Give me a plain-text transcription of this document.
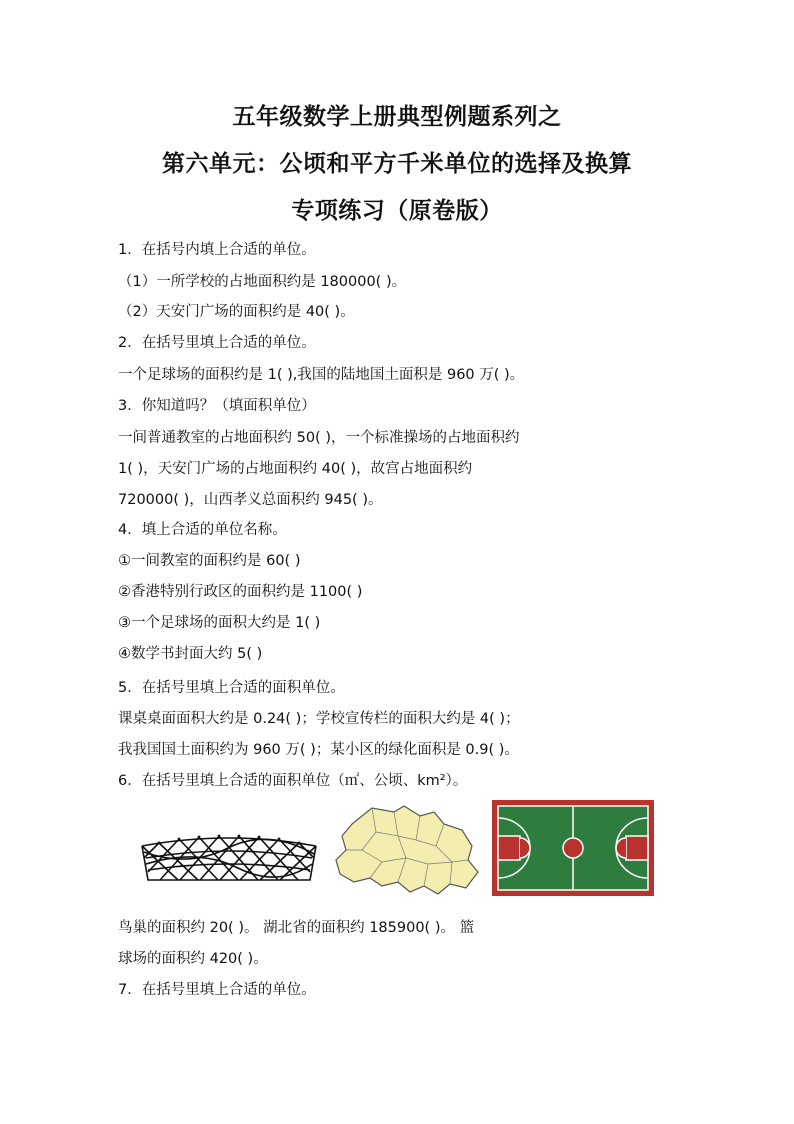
五年级数学上册典型例题系列之
第六单元：公顷和平方千米单位的选择及换算
专项练习（原卷版）
1．在括号内填上合适的单位。
（1）一所学校的占地面积约是 180000( )。
（2）天安门广场的面积约是 40( )。
2．在括号里填上合适的单位。
一个足球场的面积约是 1( ),我国的陆地国土面积是 960 万( )。
3．你知道吗？（填面积单位）
一间普通教室的占地面积约 50( )，一个标准操场的占地面积约
1( )，天安门广场的占地面积约 40( )，故宫占地面积约
720000( )，山西孝义总面积约 945( )。
4．填上合适的单位名称。
①一间教室的面积约是 60( )
②香港特别行政区的面积约是 1100( )
③一个足球场的面积大约是 1( )
④数学书封面大约 5( )
5．在括号里填上合适的面积单位。
课桌桌面面积大约是 0.24( )；学校宣传栏的面积大约是 4( )；
我我国国土面积约为 960 万( )；某小区的绿化面积是 0.9( )。
6．在括号里填上合适的面积单位（㎡、公顷、km²）。
鸟巢的面积约 20( )。 湖北省的面积约 185900( )。 篮
球场的面积约 420( )。
7．在括号里填上合适的单位。
